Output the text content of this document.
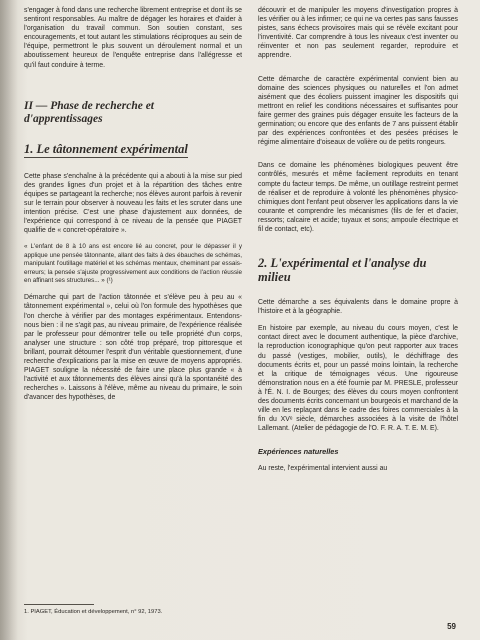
s'engager à fond dans une recherche librement entreprise et dont ils se sentiront responsables. Au maître de dégager les horaires et d'aider à l'organisation du travail commun. Son soutien constant, ses encouragements, et tout autant les stimulations réciproques au sein de l'équipe, permettront le plus souvent un déroulement normal et un aboutissement heureux de l'enquête entreprise dans l'allégresse et qu'il faut conduire à terme.

II — Phase de recherche et
d'apprentissages
1. Le tâtonnement expérimental

Cette phase s'enchaîne à la précédente qui a abouti à la mise sur pied des grandes lignes d'un projet et à la répartition des tâches entre équipes se partageant la recherche; nos élèves auront parfois à revenir sur le terrain pour observer à nouveau les faits et les scruter dans une intention précise. C'est une phase d'ajustement aux données, de l'expérience qui correspond à ce niveau de la pensée que PIAGET qualifie de « concret-opératoire ».

« L'enfant de 8 à 10 ans est encore lié au concret, pour le dépasser il y applique une pensée tâtonnante, allant des faits à des ébauches de schémas, manipulant l'outillage matériel et les schémas mentaux, cheminant par essais-erreurs; la pensée s'ajuste progressivement aux conditions de l'action réussie en affinant ses structures... » (¹)

Démarche qui part de l'action tâtonnée et s'élève peu à peu au « tâtonnement expérimental », celui où l'on formule des hypothèses que l'on cherche à vérifier par des montages expérimentaux. Entendons-nous bien : il ne s'agit pas, au niveau primaire, de l'expérience réalisée par le professeur pour démontrer telle ou telle propriété d'un corps, analyser une structure : son côté trop préparé, trop pittoresque et brillant, pourrait détourner l'esprit d'un véritable questionnement, d'une recherche d'explications par la mise en œuvre de moyens appropriés. PIAGET souligne la nécessité de faire une place plus grande « à l'activité et aux tâtonnements des élèves ainsi qu'à la spontanéité des recherches ». Laissons à l'élève, même au niveau du primaire, le soin d'avancer des hypothèses, de

découvrir et de manipuler les moyens d'investigation propres à les vérifier ou à les infirmer; ce qui ne va certes pas sans fausses pistes, sans échecs provisoires mais qui se révèle excitant pour l'inventivité. Car comprendre à tous les niveaux c'est inventer ou réinventer et non pas seulement regarder, reproduire et apprendre.

Cette démarche de caractère expérimental convient bien au domaine des sciences physiques ou naturelles et l'on admet aisément que des écoliers puissent imaginer les dispositifs qui mettront en relief les conditions nécessaires et suffisantes pour faire germer des graines puis dégager ensuite les facteurs de la germination; ou encore que des enfants de 7 ans puissent établir par des expériences confrontées et des pesées précises le régime alimentaire d'oiseaux de volière ou de petits rongeurs.

Dans ce domaine les phénomènes biologiques peuvent être contrôlés, mesurés et même facilement reproduits en tenant compte du facteur temps. De même, un outillage restreint permet de réaliser et de reproduire à volonté les phénomènes physico-chimiques dont l'enfant peut observer les applications dans la vie courante et comprendre les mécanismes (fils de fer et d'acier, ressorts; calcaire et acide; tuyaux et sons; ampoule électrique et fil de contact, etc).

2. L'expérimental et l'analyse du
milieu

Cette démarche a ses équivalents dans le domaine propre à l'histoire et à la géographie.

En histoire par exemple, au niveau du cours moyen, c'est le contact direct avec le document authentique, la pièce d'archive, la reproduction iconographique qu'on peut rapporter aux traces du passé (vestiges, mobilier, outils), le déchiffrage des documents écrits et, pour un passé moins lointain, la recherche et la critique de témoignages vécus. Une rigoureuse démonstration nous en a été fournie par M. PRESLE, professeur à l'É. N. I. de Bourges; des élèves du cours moyen confrontent des documents écrits concernant un bourgeois et marchand de la ville en les replaçant dans le cadre des foires commerciales à la fin du XVᵉ siècle, démarches associées à la visite de l'hôtel Lallemant. (Atelier de pédagogie de l'O. F. R. A. T. E. M. E).

Expériences naturelles

Au reste, l'expérimental intervient aussi au

1. PIAGET, Éducation et développement, n° 92, 1973.
59
